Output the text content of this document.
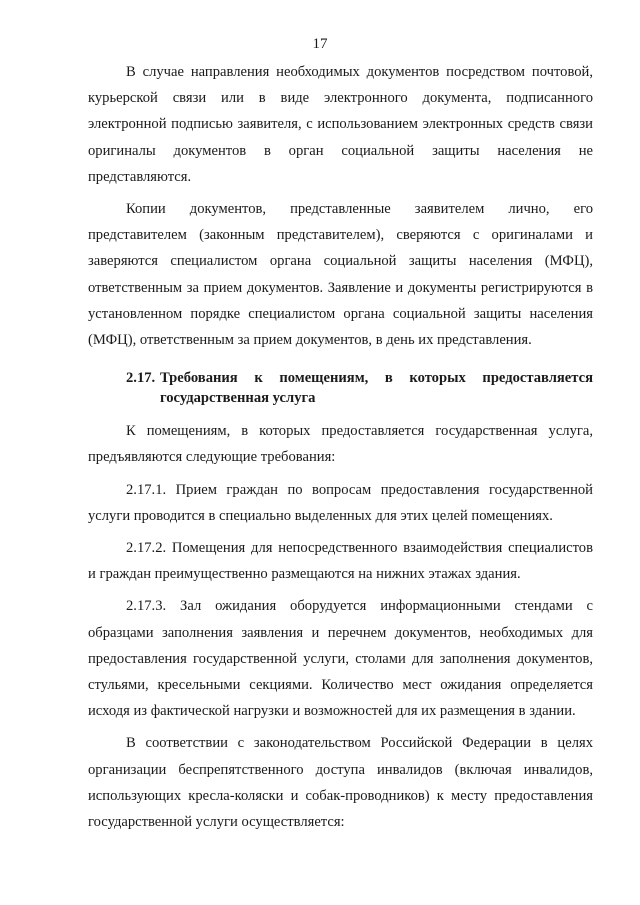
17

В случае направления необходимых документов посредством почтовой, курьерской связи или в виде электронного документа, подписанного электронной подписью заявителя, с использованием электронных средств связи оригиналы документов в орган социальной защиты населения не представляются.

Копии документов, представленные заявителем лично, его представителем (законным представителем), сверяются с оригиналами и заверяются специалистом органа социальной защиты населения (МФЦ), ответственным за прием документов. Заявление и документы регистрируются в установленном порядке специалистом органа социальной защиты населения (МФЦ), ответственным за прием документов, в день их представления.

2.17. Требования к помещениям, в которых предоставляется государственная услуга

К помещениям, в которых предоставляется государственная услуга, предъявляются следующие требования:

2.17.1. Прием граждан по вопросам предоставления государственной услуги проводится в специально выделенных для этих целей помещениях.

2.17.2. Помещения для непосредственного взаимодействия специалистов и граждан преимущественно размещаются на нижних этажах здания.

2.17.3. Зал ожидания оборудуется информационными стендами с образцами заполнения заявления и перечнем документов, необходимых для предоставления государственной услуги, столами для заполнения документов, стульями, кресельными секциями. Количество мест ожидания определяется исходя из фактической нагрузки и возможностей для их размещения в здании.

В соответствии с законодательством Российской Федерации в целях организации беспрепятственного доступа инвалидов (включая инвалидов, использующих кресла-коляски и собак-проводников) к месту предоставления государственной услуги осуществляется:
